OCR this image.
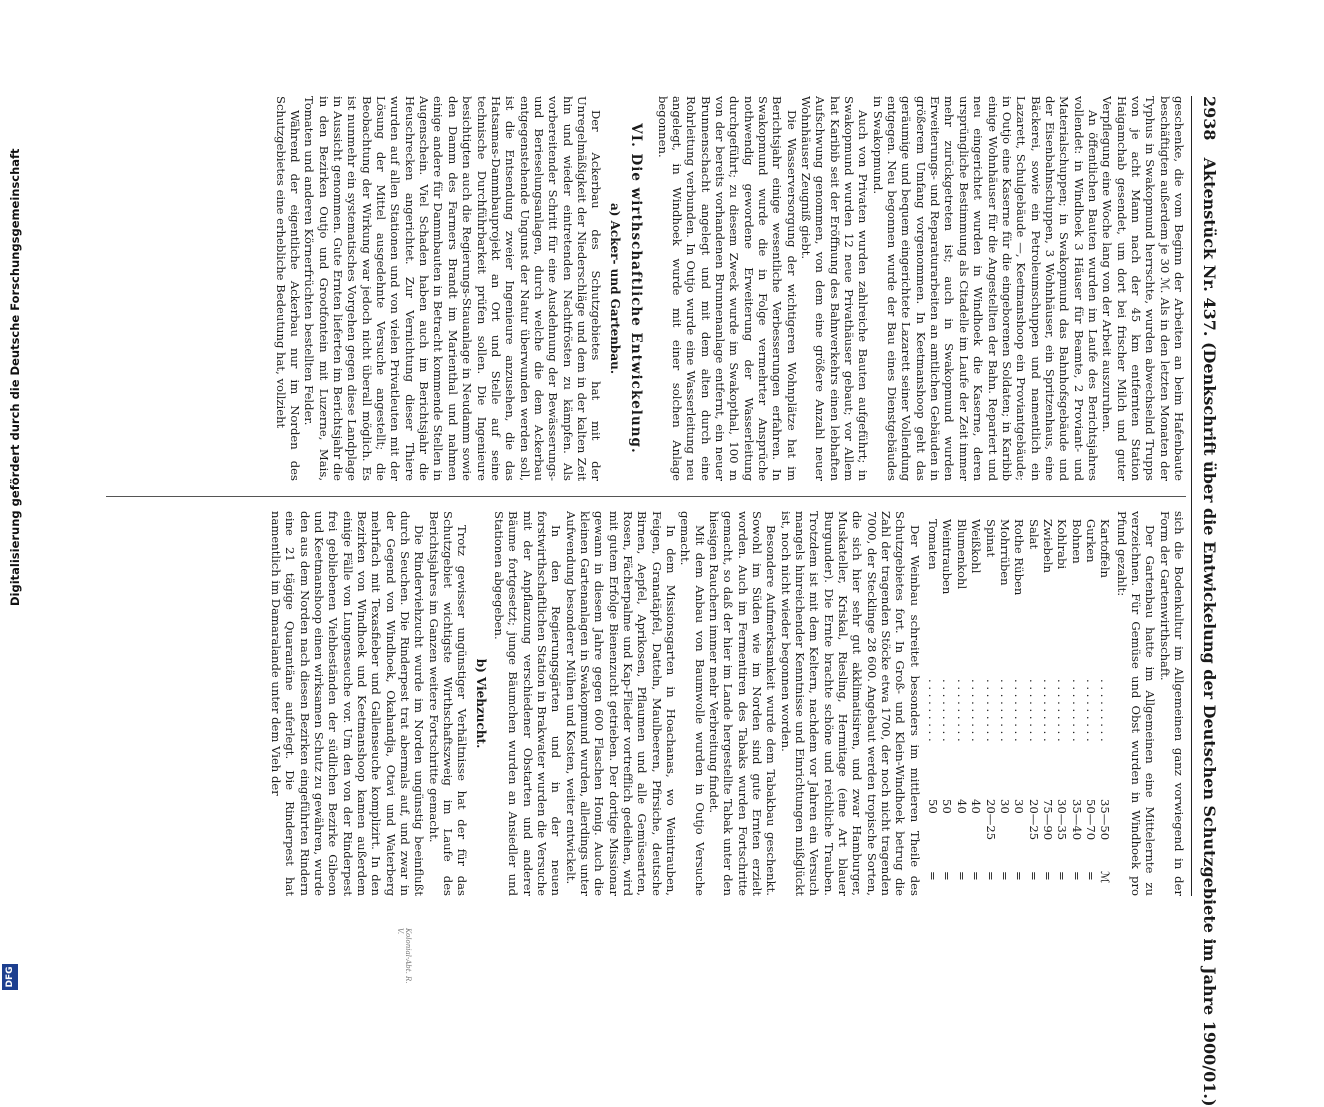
2938 Aktenstück Nr. 437. (Denkschrift über die Entwickelung der Deutschen Schutzgebiete im Jahre 1900/01.)

geschenke, die vom Beginn der Arbeiten an beim Hafenbaute beschäftigten außerdem je 30 ℳ. Als in den letzten Monaten der Typhus in Swakopmund herrschte, wurden abwechselnd Trupps von je acht Mann nach der 45 km entfernten Station Haigamchab gesendet, um dort bei frischer Milch und guter Verpflegung eine Woche lang von der Arbeit auszuruhen.

An öffentlichen Bauten wurden im Laufe des Berichtsjahres vollendet: in Windhoek 3 Häuser für Beamte, 2 Proviant- und Materialschuppen; in Swakopmund das Bahnhofsgebäude und der Eisenbahnschuppen, 3 Wohnhäuser, ein Spritzenhaus, eine Bäckerei, sowie ein Petroleumschuppen und namentlich ein Lazarett, Schulgebäude —, Keetmanshoop ein Proviantgebäude; in Outjo eine Kaserne für die eingeborenen Soldaten; in Karibib einige Wohnhäuser für die Angestellten der Bahn. Repariert und neu eingerichtet wurden in Windhoek die Kaserne, deren ursprüngliche Bestimmung als Citadelle im Laufe der Zeit immer mehr zurückgetreten ist; auch in Swakopmund wurden Erweiterungs- und Reparaturarbeiten an amtlichen Gebäuden in größerem Umfang vorgenommen. In Keetmanshoop geht das geräumige und bequem eingerichtete Lazarett seiner Vollendung entgegen. Neu begonnen wurde der Bau eines Dienstgebäudes in Swakopmund.

Auch von Privaten wurden zahlreiche Bauten aufgeführt; in Swakopmund wurden 12 neue Privathäuser gebaut; vor Allem hat Karibib seit der Eröffnung des Bahnverkehrs einen lebhaften Aufschwung genommen, von dem eine größere Anzahl neuer Wohnhäuser Zeugniß giebt.

Die Wasserversorgung der wichtigeren Wohnplätze hat im Berichtsjahr einige wesentliche Verbesserungen erfahren. In Swakopmund wurde die in Folge vermehrter Ansprüche nothwendig gewordene Erweiterung der Wasserleitung durchgeführt; zu diesem Zweck wurde im Swakopthal, 100 m von der bereits vorhandenen Brunnenanlage entfernt, ein neuer Brunnenschacht angelegt und mit dem alten durch eine Rohrleitung verbunden. In Outjo wurde eine Wasserleitung neu angelegt, in Windhoek wurde mit einer solchen Anlage begonnen.

VI. Die wirthschaftliche Entwickelung.
a) Acker- und Gartenbau.

Der Ackerbau des Schutzgebietes hat mit der Unregelmäßigkeit der Niederschläge und dem in der kalten Zeit hin und wieder eintretenden Nachtfrösten zu kämpfen. Als vorbereitender Schritt für eine Ausdehnung der Bewässerungs- und Berieselungsanlagen, durch welche die dem Ackerbau entgegenstehende Ungunst der Natur überwunden werden soll, ist die Entsendung zweier Ingenieure anzusehen, die das Hatsamas-Dammbauprojekt an Ort und Stelle auf seine technische Durchführbarkeit prüfen sollen. Die Ingenieure besichtigten auch die Regierungs-Stauanlage in Neudamm sowie den Damm des Farmers Brandt im Marienthal und nahmen einige andere für Dammbauten in Betracht kommende Stellen in Augenschein. Viel Schaden haben auch im Berichtsjahr die Heuschrecken angerichtet. Zur Vernichtung dieser Thiere wurden auf allen Stationen und von vielen Privatleuten mit der Lösung der Mittel ausgedehnte Versuche angestellt; die Beobachtung der Wirkung war jedoch nicht überall möglich. Es ist nunmehr ein systematisches Vorgehen gegen diese Landplage in Aussicht genommen. Gute Ernten lieferten im Berichtsjahr die in den Bezirken Outjo und Grootfontein mit Luzerne, Mais, Tomaten und anderen Körnerfrüchten bestellten Felder.

Während der eigentliche Ackerbau nur im Norden des Schutzgebietes eine erhebliche Bedeutung hat, vollzieht

sich die Bodenkultur im Allgemeinen ganz vorwiegend in der Form der Gartenwirthschaft.

Der Gartenbau hatte im Allgemeinen eine Mittelernte zu verzeichnen. Für Gemüse und Obst wurden in Windhoek pro Pfund gezahlt:

Kartoffeln	. . . . . . . . .	35—50	ℳ
Gurken	. . . . . . . . .	50—70	=
Bohnen	. . . . . . . . .	35—40	=
Kohlrabi	. . . . . . . . .	30—35	=
Zwiebeln	. . . . . . . . .	75—90	=
Salat	. . . . . . . . .	20—25	=
Rothe Rüben	. . . . . . . . .	30	=
Mohrrüben	. . . . . . . . .	30	=
Spinat	. . . . . . . . .	20—25	=
Weißkohl	. . . . . . . . .	40	=
Blumenkohl	. . . . . . . . .	40	=
Weintrauben	. . . . . . . . .	50	=
Tomaten	. . . . . . . . .	50	=

Der Weinbau schreitet besonders im mittleren Theile des Schutzgebietes fort. In Groß- und Klein-Windhoek betrug die Zahl der tragenden Stöcke etwa 1700, der noch nicht tragenden 7000, der Stecklinge 28 600. Angebaut werden tropische Sorten, die sich hier sehr gut akklimatisiren, und zwar Hamburger, Muskateller, Kriskal, Riesling, Hermitage (eine Art blauer Burgunder). Die Ernte brachte schöne und reichliche Trauben. Trotzdem ist mit dem Keltern, nachdem vor Jahren ein Versuch mangels hinreichender Kenntnisse und Einrichtungen mißglückt ist, noch nicht wieder begonnen worden.

Besondere Aufmerksamkeit wurde dem Tabakbau geschenkt. Sowohl im Süden wie im Norden sind gute Ernten erzielt worden. Auch im Fermentiren des Tabaks wurden Fortschritte gemacht, so daß der hier im Lande hergestellte Tabak unter den hiesigen Rauchern immer mehr Verbreitung findet.

Mit dem Anbau von Baumwolle wurden in Outjo Versuche gemacht.

In dem Missionsgarten in Hoachanas, wo Weintrauben, Feigen, Granatäpfel, Datteln, Maulbeeren, Pfirsiche, deutsche Birnen, Aepfel, Aprikosen, Pflaumen und alle Gemüsearten, Rosen, Fächerpalme und Kap-Flieder vortrefflich gedeihen, wird mit gutem Erfolge Bienenzucht getrieben. Der dortige Missionar gewann in diesem Jahre gegen 600 Flaschen Honig. Auch die kleinen Gartenanlagen in Swakopmund wurden, allerdings unter Aufwendung besonderer Mühen und Kosten, weiter entwickelt.

In den Regierungsgärten und in der neuen forstwirthschaftlichen Station in Brakwater wurden die Versuche mit der Anpflanzung verschiedener Obstarten und anderer Bäume fortgesetzt; junge Bäumchen wurden an Ansiedler und Stationen abgegeben.

b) Viehzucht.

Trotz gewisser ungünstiger Verhältnisse hat der für das Schutzgebiet wichtigste Wirthschaftszweig im Laufe des Berichtsjahres im Ganzen weitere Fortschritte gemacht.

Die Rinderviehzucht wurde im Norden ungünstig beeinflußt durch Seuchen. Die Rinderpest trat abermals auf, und zwar in der Gegend von Windhoek, Okahandja, Otavi und Waterberg mehrfach mit Texasfieber und Gallenseuche komplizirt. In den Bezirken von Windhoek und Keetmanshoop kamen außerdem einige Fälle von Lungenseuche vor. Um den von der Rinderpest frei gebliebenen Viehbeständen der südlichen Bezirke Gibeon und Keetmanshoop einen wirksamen Schutz zu gewähren, wurde den aus dem Norden nach diesen Bezirken eingeführten Rindern eine 21 tägige Quarantäne auferlegt. Die Rinderpest hat namentlich im Damaralande unter dem Vieh der

Kolonial-Abt. R. V.
Digitalisierung gefördert durch die Deutsche Forschungsgemeinschaft
DFG
